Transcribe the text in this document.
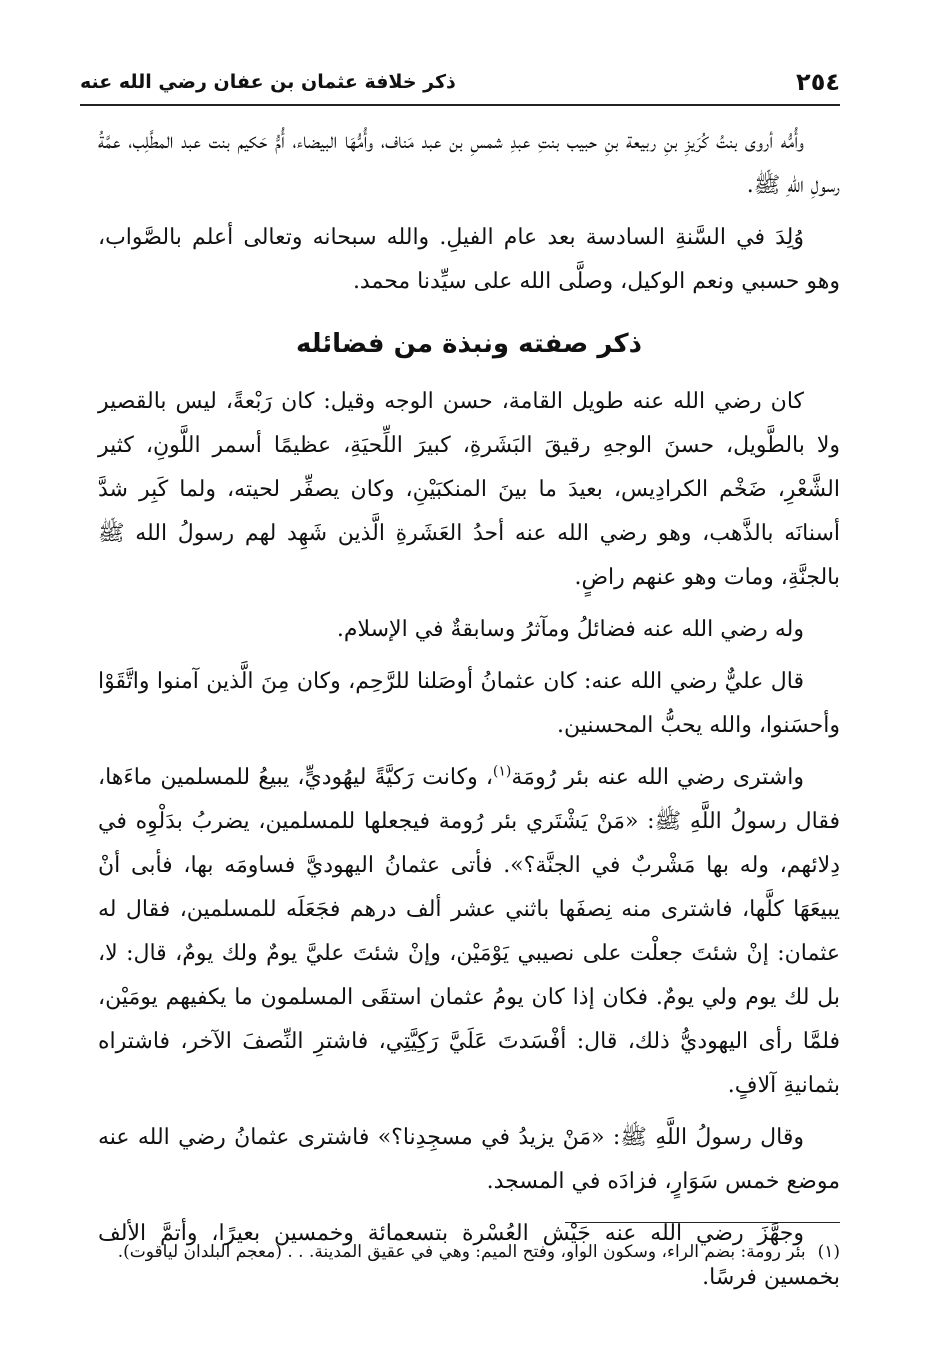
٢٥٤
ذكر خلافة عثمان بن عفان رضي الله عنه

وأُمُّه أروى بنتُ كُرَيزِ بنِ ربيعة بنِ حبيب بنتِ عبدِ شمسِ بن عبد مَناف، وأُمُّهَا البيضاء، أُمُّ حَكيم بنت عبد المطَّلِب، عمَّةُ رسولِ اللهِ ﷺ.

وُلِدَ في السَّنةِ السادسة بعد عام الفيلِ. والله سبحانه وتعالى أعلم بالصَّواب، وهو حسبي ونعم الوكيل، وصلَّى الله على سيِّدنا محمد.

ذكر صفته ونبذة من فضائله

كان رضي الله عنه طويل القامة، حسن الوجه وقيل: كان رَبْعةً، ليس بالقصير ولا بالطَّويل، حسنَ الوجهِ رقيقَ البَشَرةِ، كبيرَ اللِّحيَةِ، عظيمًا أسمر اللَّونِ، كثير الشَّعْرِ، ضَخْم الكرادِيس، بعيدَ ما بينَ المنكبَيْنِ، وكان يصفِّر لحيته، ولما كَبِر شدَّ أسنانَه بالذَّهب، وهو رضي الله عنه أحدُ العَشَرةِ الَّذين شَهِد لهم رسولُ الله ﷺ بالجنَّةِ، ومات وهو عنهم راضٍ.

وله رضي الله عنه فضائلُ ومآثرُ وسابقةٌ في الإسلام.

قال عليٌّ رضي الله عنه: كان عثمانُ أوصَلنا للرَّحِم، وكان مِنَ الَّذين آمنوا واتَّقَوْا وأحسَنوا، والله يحبُّ المحسنين.

واشترى رضي الله عنه بئر رُومَة$^{(١)}$، وكانت رَكيَّةً ليهُوديٍّ، يبيعُ للمسلمين ماءَها، فقال رسولُ اللَّهِ ﷺ: «مَنْ يَشْتَري بئر رُومة فيجعلها للمسلمين، يضربُ بدَلْوِه في دِلائهم، وله بها مَشْربٌ في الجنَّة؟». فأتى عثمانُ اليهوديَّ فساومَه بها، فأبى أنْ يبيعَهَا كلَّها، فاشترى منه نِصفَها باثني عشر ألف درهم فجَعَلَه للمسلمين، فقال له عثمان: إنْ شئتَ جعلْت على نصيبي يَوْمَيْن، وإنْ شئتَ عليَّ يومٌ ولك يومٌ، قال: لا، بل لك يوم ولي يومٌ. فكان إذا كان يومُ عثمان استقَى المسلمون ما يكفيهم يومَيْن، فلمَّا رأى اليهوديُّ ذلك، قال: أفْسَدتَ عَلَيَّ رَكِيَّتِي، فاشترِ النِّصفَ الآخر، فاشتراه بثمانيةِ آلافٍ.

وقال رسولُ اللَّهِ ﷺ: «مَنْ يزيدُ في مسجِدِنا؟» فاشترى عثمانُ رضي الله عنه موضع خمس سَوَارٍ، فزادَه في المسجد.

وجهَّزَ رضي الله عنه جَيْش العُسْرة بتسعمائة وخمسين بعيرًا، وأتمَّ الألف بخمسين فرسًا.

(١)بئر رومة: بضم الراء، وسكون الواو، وفتح الميم: وهي في عقيق المدينة. . . (معجم البلدان لياقوت).
